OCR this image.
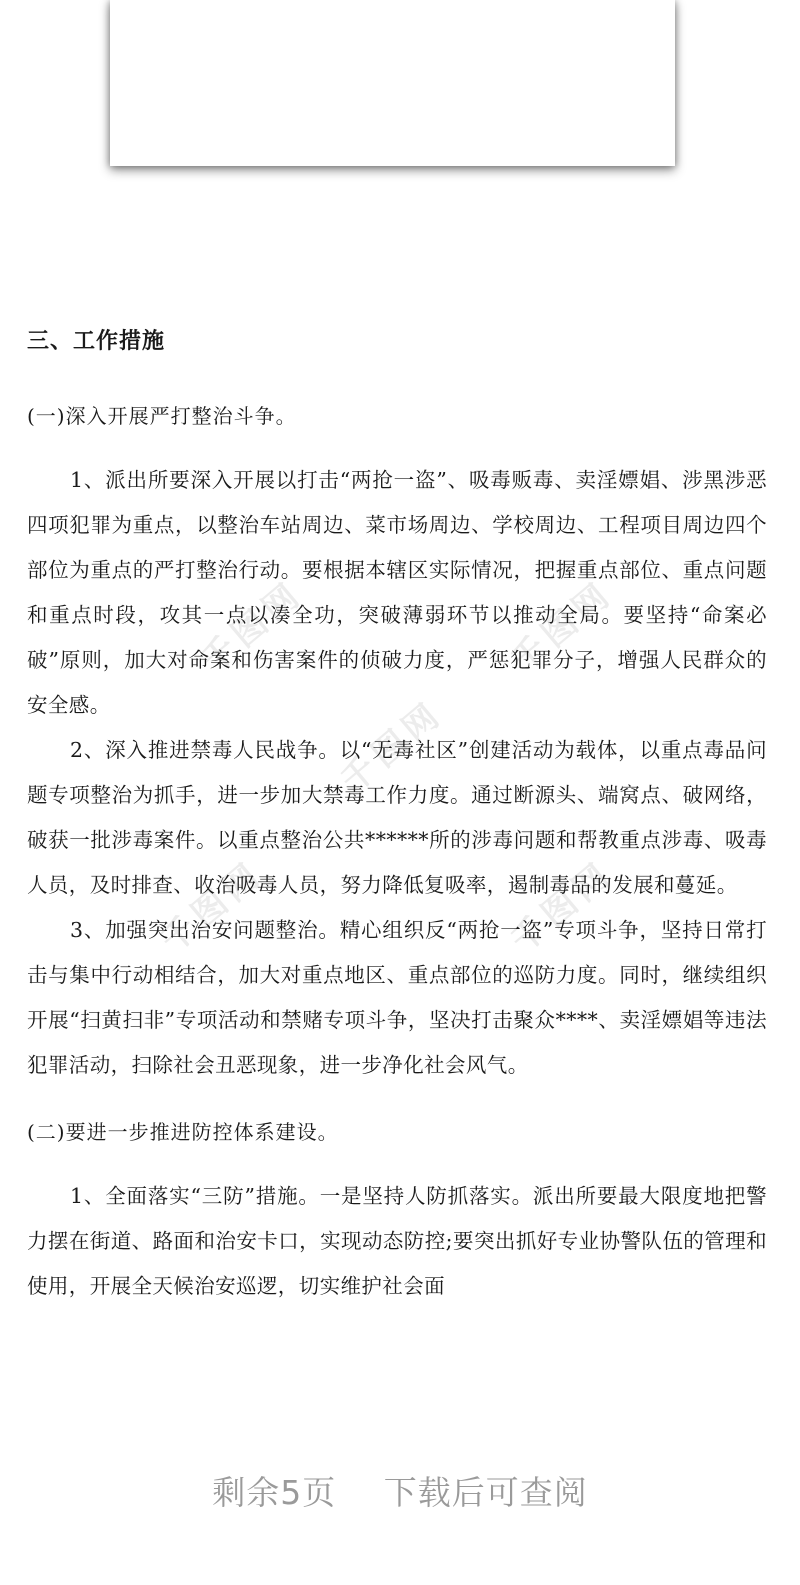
千图网	千图网
千图网
千图网	千图网
三、工作措施
(一)深入开展严打整治斗争。

1、派出所要深入开展以打击“两抢一盗”、吸毒贩毒、卖淫嫖娼、涉黑涉恶四项犯罪为重点，以整治车站周边、菜市场周边、学校周边、工程项目周边四个部位为重点的严打整治行动。要根据本辖区实际情况，把握重点部位、重点问题和重点时段，攻其一点以凑全功，突破薄弱环节以推动全局。要坚持“命案必破”原则，加大对命案和伤害案件的侦破力度，严惩犯罪分子，增强人民群众的安全感。

2、深入推进禁毒人民战争。以“无毒社区”创建活动为载体，以重点毒品问题专项整治为抓手，进一步加大禁毒工作力度。通过断源头、端窝点、破网络，破获一批涉毒案件。以重点整治公共******所的涉毒问题和帮教重点涉毒、吸毒人员，及时排查、收治吸毒人员，努力降低复吸率，遏制毒品的发展和蔓延。

3、加强突出治安问题整治。精心组织反“两抢一盗”专项斗争，坚持日常打击与集中行动相结合，加大对重点地区、重点部位的巡防力度。同时，继续组织开展“扫黄扫非”专项活动和禁赌专项斗争，坚决打击聚众****、卖淫嫖娼等违法犯罪活动，扫除社会丑恶现象，进一步净化社会风气。

(二)要进一步推进防控体系建设。

1、全面落实“三防”措施。一是坚持人防抓落实。派出所要最大限度地把警力摆在街道、路面和治安卡口，实现动态防控;要突出抓好专业协警队伍的管理和使用，开展全天候治安巡逻，切实维护社会面

剩余5页 下载后可查阅
